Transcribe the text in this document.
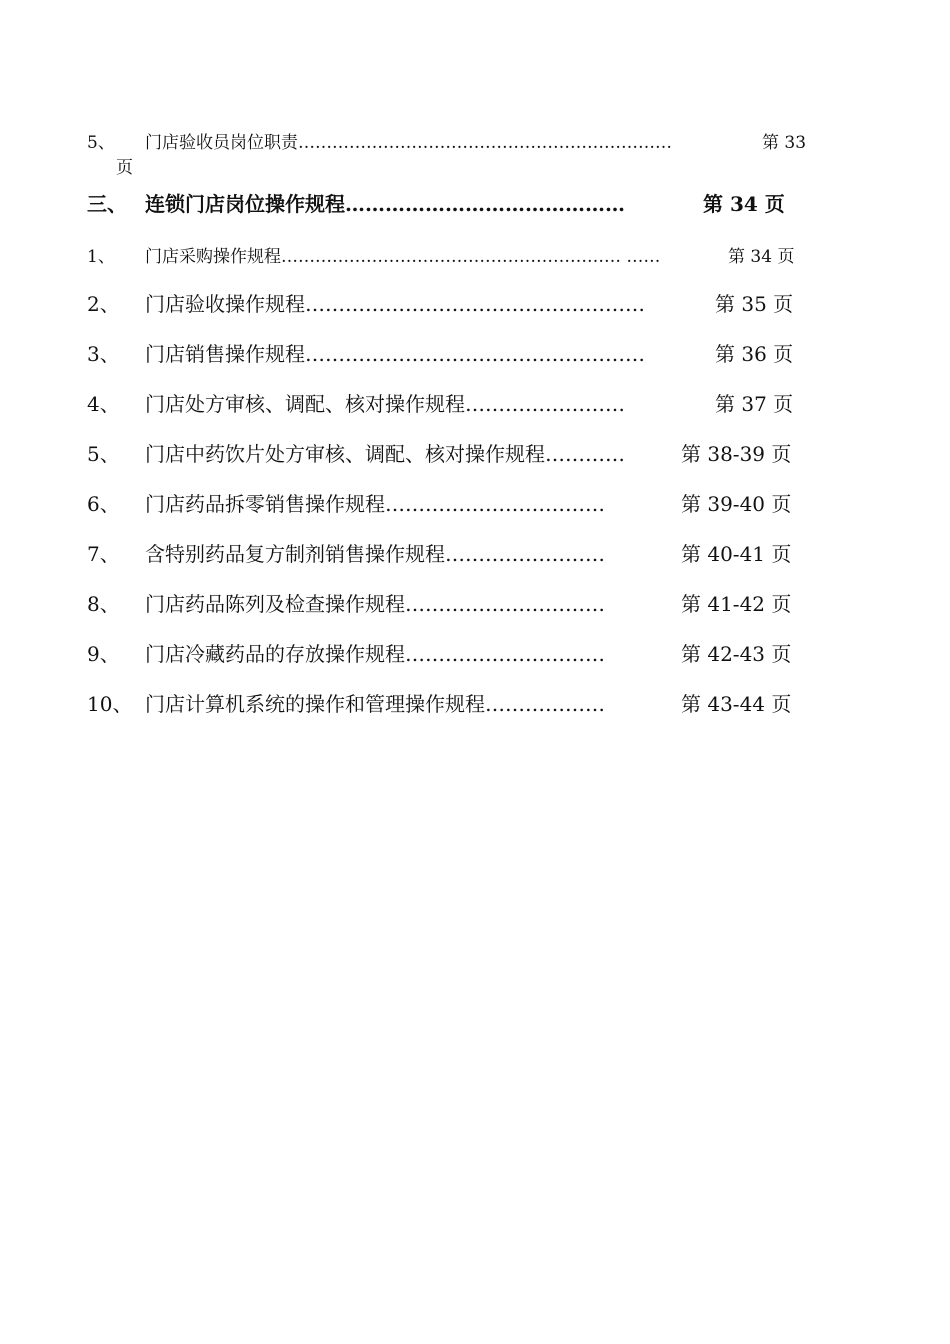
5、 门店验收员岗位职责…………………………………………………………	第 33
页
三、 连锁门店岗位操作规程……………………………………	第 34 页
1、 门店采购操作规程…………………………………………………… ……	第 34 页
2、 门店验收操作规程……………………………………………	第 35 页
3、 门店销售操作规程……………………………………………	第 36 页
4、 门店处方审核、调配、核对操作规程……………………	第 37 页
5、 门店中药饮片处方审核、调配、核对操作规程…………	第 38-39 页
6、 门店药品拆零销售操作规程……………………………	第 39-40 页
7、 含特别药品复方制剂销售操作规程……………………	第 40-41 页
8、 门店药品陈列及检查操作规程…………………………	第 41-42 页
9、 门店冷藏药品的存放操作规程…………………………	第 42-43 页
10、 门店计算机系统的操作和管理操作规程………………	第 43-44 页
